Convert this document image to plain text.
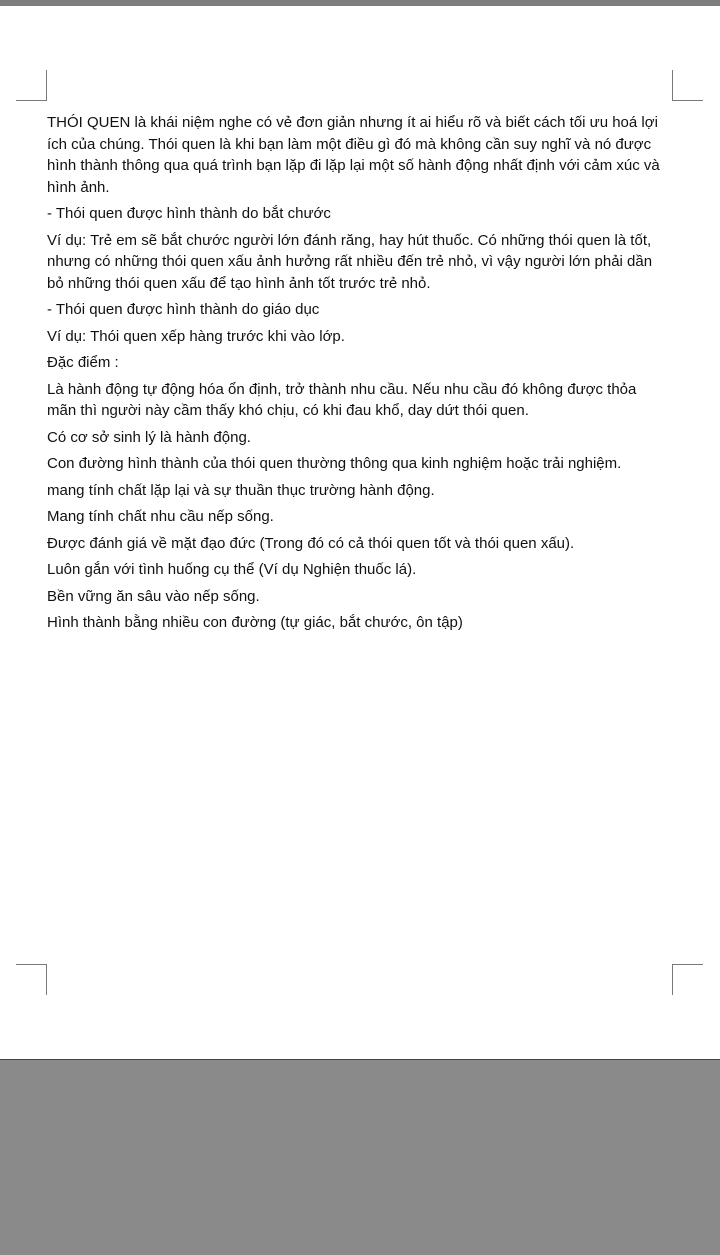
THÓI QUEN là khái niệm nghe có vẻ đơn giản nhưng ít ai hiểu rõ và biết cách tối ưu hoá lợi ích của chúng. Thói quen là khi bạn làm một điều gì đó mà không cần suy nghĩ và nó được hình thành thông qua quá trình bạn lặp đi lặp lại một số hành động nhất định với cảm xúc và hình ảnh.

- Thói quen được hình thành do bắt chước

Ví dụ: Trẻ em sẽ bắt chước người lớn đánh răng, hay hút thuốc. Có những thói quen là tốt, nhưng có những thói quen xấu ảnh hưởng rất nhiều đến trẻ nhỏ, vì vậy người lớn phải dần bỏ những thói quen xấu để tạo hình ảnh tốt trước trẻ nhỏ.

- Thói quen được hình thành do giáo dục

Ví dụ: Thói quen xếp hàng trước khi vào lớp.

Đặc điểm :

Là hành động tự động hóa ổn định, trở thành nhu cầu. Nếu nhu cầu đó không được thỏa mãn thì người này cầm thấy khó chịu, có khi đau khổ, day dứt thói quen.

Có cơ sở sinh lý là hành động.

Con đường hình thành của thói quen thường thông qua kinh nghiệm hoặc trải nghiệm.

mang tính chất lặp lại và sự thuần thục trường hành động.

Mang tính chất nhu cầu nếp sống.

Được đánh giá về mặt đạo đức (Trong đó có cả thói quen tốt và thói quen xấu).

Luôn gắn với tình huống cụ thể (Ví dụ Nghiện thuốc lá).

Bền vững ăn sâu vào nếp sống.

Hình thành bằng nhiều con đường (tự giác, bắt chước, ôn tập)
